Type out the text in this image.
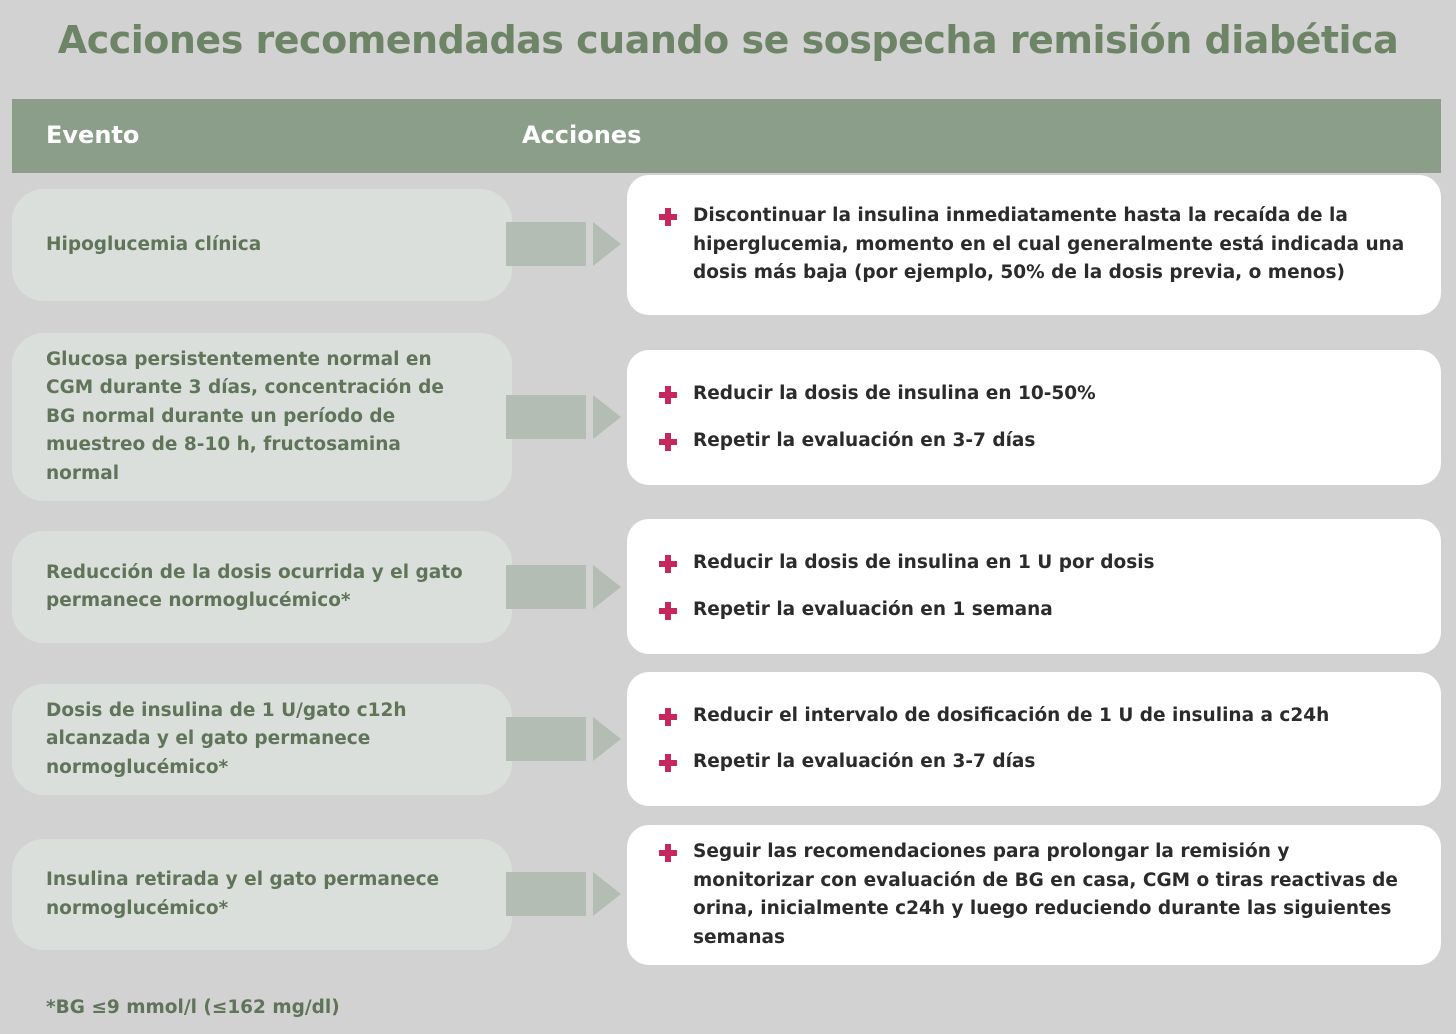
Acciones recomendadas cuando se sospecha remisión diabética
Evento	Acciones
Hipoglucemia clínica
Discontinuar la insulina inmediatamente hasta la recaída de la hiperglucemia, momento en el cual generalmente está indicada una dosis más baja (por ejemplo, 50% de la dosis previa, o menos)
Glucosa persistentemente normal en CGM durante 3 días, concentración de BG normal durante un período de muestreo de 8-10 h, fructosamina normal
Reducir la dosis de insulina en 10-50%
Repetir la evaluación en 3-7 días
Reducción de la dosis ocurrida y el gato permanece normoglucémico*
Reducir la dosis de insulina en 1 U por dosis
Repetir la evaluación en 1 semana
Dosis de insulina de 1 U/gato c12h alcanzada y el gato permanece normoglucémico*
Reducir el intervalo de dosificación de 1 U de insulina a c24h
Repetir la evaluación en 3-7 días
Insulina retirada y el gato permanece normoglucémico*
Seguir las recomendaciones para prolongar la remisión y monitorizar con evaluación de BG en casa, CGM o tiras reactivas de orina, inicialmente c24h y luego reduciendo durante las siguientes semanas
*BG ≤9 mmol/l (≤162 mg/dl)
